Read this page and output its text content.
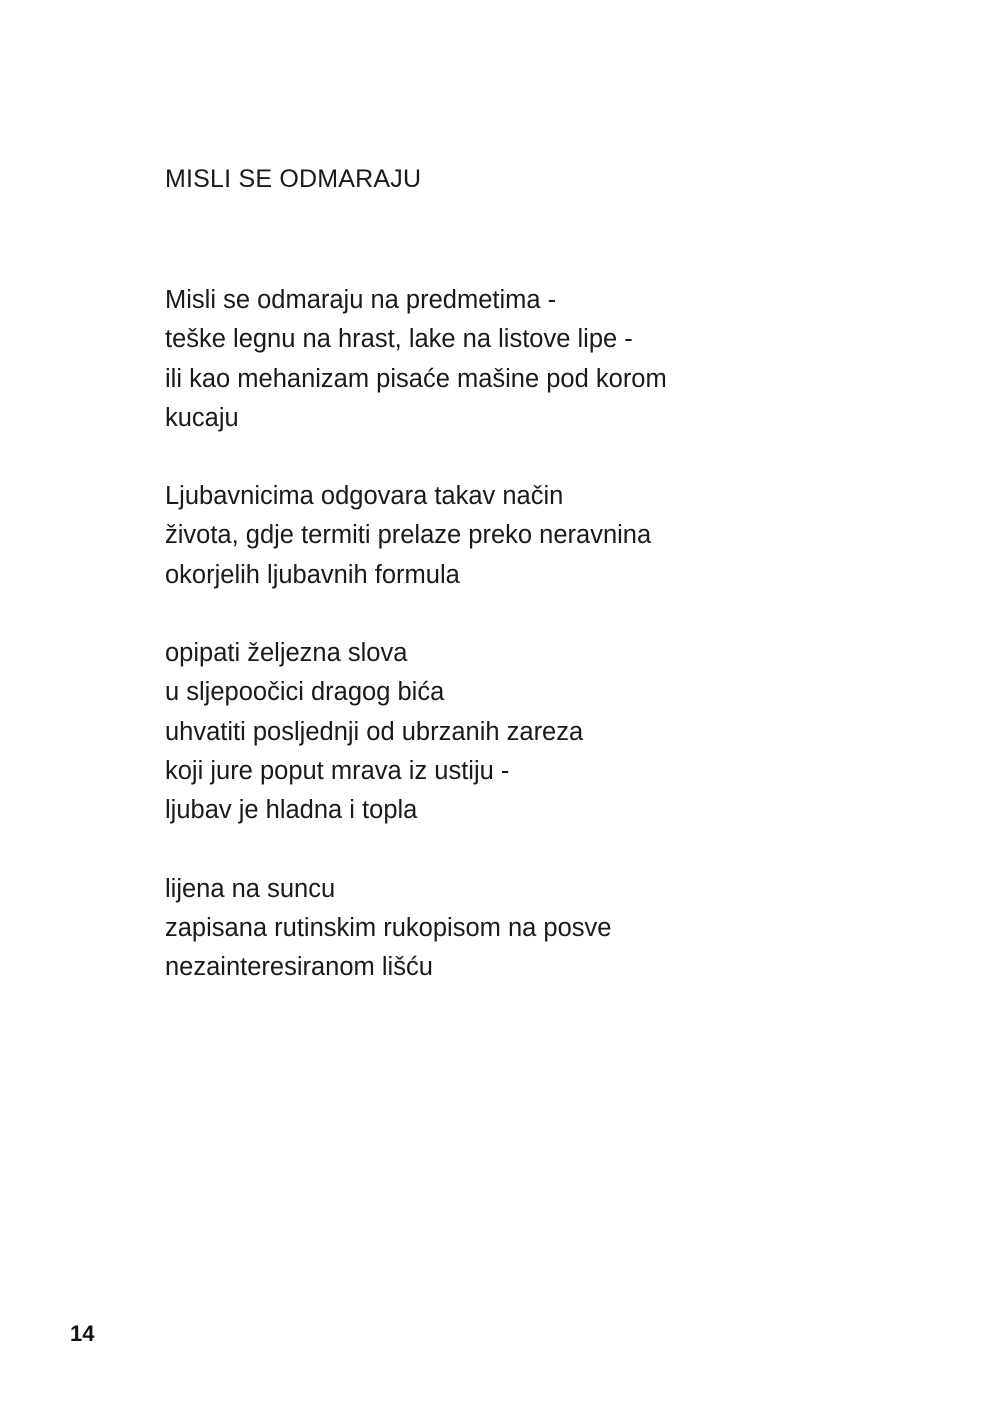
MISLI SE ODMARAJU
Misli se odmaraju na predmetima -
teške legnu na hrast, lake na listove lipe -
ili kao mehanizam pisaće mašine pod korom
kucaju
Ljubavnicima odgovara takav način
života, gdje termiti prelaze preko neravnina
okorjelih ljubavnih formula
opipati željezna slova
u sljepoočici dragog bića
uhvatiti posljednji od ubrzanih zareza
koji jure poput mrava iz ustiju -
ljubav je hladna i topla
lijena na suncu
zapisana rutinskim rukopisom na posve
nezainteresiranom lišću
14
